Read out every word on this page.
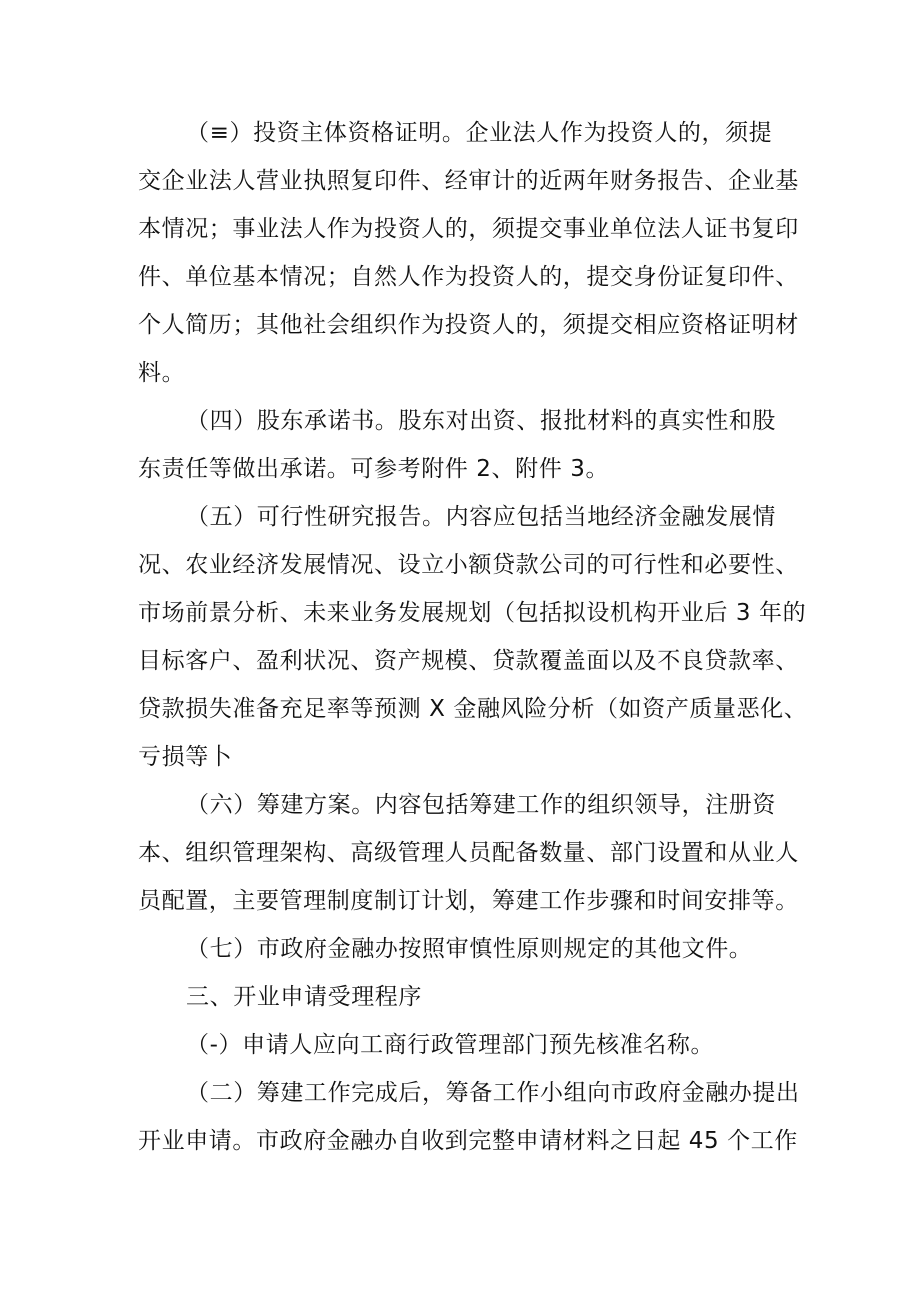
（≡）投资主体资格证明。企业法人作为投资人的，须提
交企业法人营业执照复印件、经审计的近两年财务报告、企业基
本情况；事业法人作为投资人的，须提交事业单位法人证书复印
件、单位基本情况；自然人作为投资人的，提交身份证复印件、
个人简历；其他社会组织作为投资人的，须提交相应资格证明材
料。
（四）股东承诺书。股东对出资、报批材料的真实性和股
东责任等做出承诺。可参考附件 2、附件 3。
（五）可行性研究报告。内容应包括当地经济金融发展情
况、农业经济发展情况、设立小额贷款公司的可行性和必要性、
市场前景分析、未来业务发展规划（包括拟设机构开业后 3 年的
目标客户、盈利状况、资产规模、贷款覆盖面以及不良贷款率、
贷款损失准备充足率等预测 X 金融风险分析（如资产质量恶化、
亏损等卜
（六）筹建方案。内容包括筹建工作的组织领导，注册资
本、组织管理架构、高级管理人员配备数量、部门设置和从业人
员配置，主要管理制度制订计划，筹建工作步骤和时间安排等。
（七）市政府金融办按照审慎性原则规定的其他文件。
三、开业申请受理程序
（-）申请人应向工商行政管理部门预先核准名称。
（二）筹建工作完成后，筹备工作小组向市政府金融办提出
开业申请。市政府金融办自收到完整申请材料之日起 45 个工作
